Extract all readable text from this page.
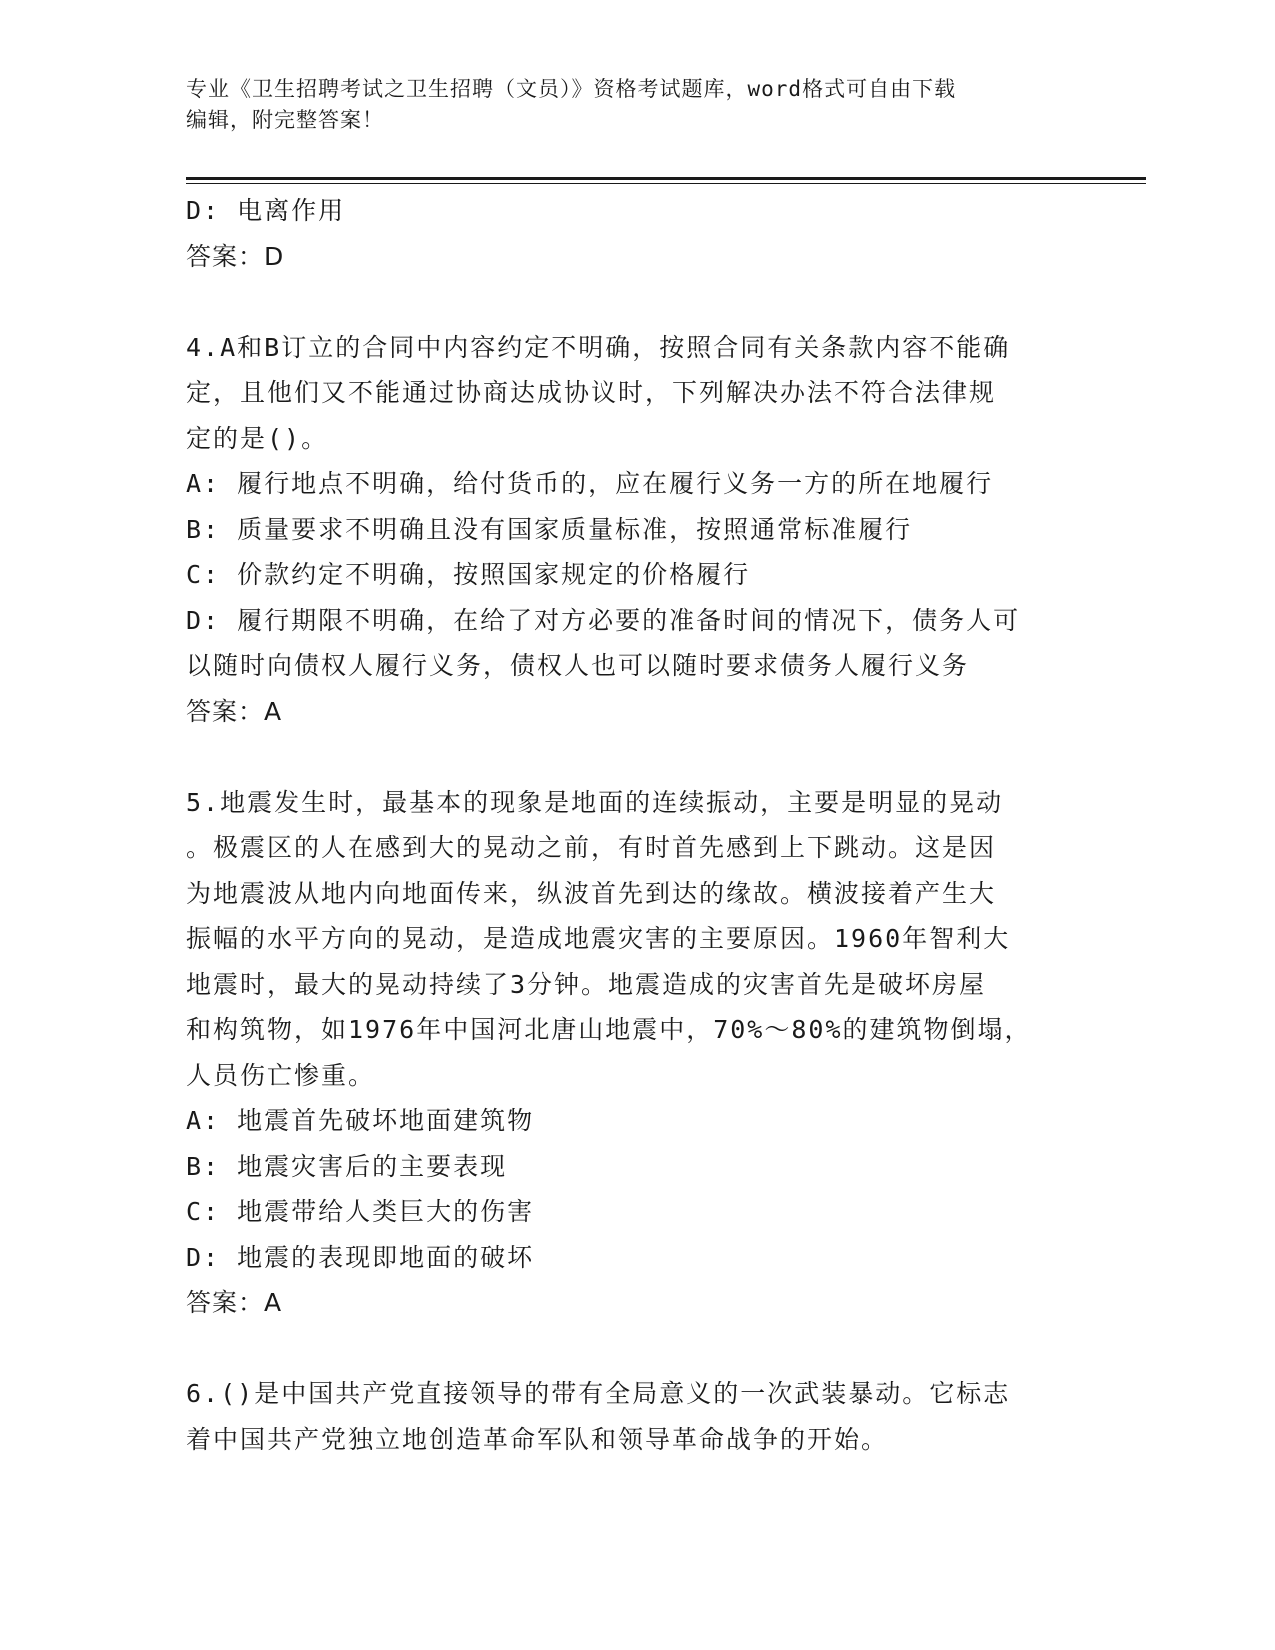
专业《卫生招聘考试之卫生招聘（文员）》资格考试题库，word格式可自由下载
编辑，附完整答案！
D: 电离作用
答案：D
4.A和B订立的合同中内容约定不明确，按照合同有关条款内容不能确
定，且他们又不能通过协商达成协议时，下列解决办法不符合法律规
定的是()。
A: 履行地点不明确，给付货币的，应在履行义务一方的所在地履行
B: 质量要求不明确且没有国家质量标准，按照通常标准履行
C: 价款约定不明确，按照国家规定的价格履行
D: 履行期限不明确，在给了对方必要的准备时间的情况下，债务人可
以随时向债权人履行义务，债权人也可以随时要求债务人履行义务
答案：A
5.地震发生时，最基本的现象是地面的连续振动，主要是明显的晃动
。极震区的人在感到大的晃动之前，有时首先感到上下跳动。这是因
为地震波从地内向地面传来，纵波首先到达的缘故。横波接着产生大
振幅的水平方向的晃动，是造成地震灾害的主要原因。1960年智利大
地震时，最大的晃动持续了3分钟。地震造成的灾害首先是破坏房屋
和构筑物，如1976年中国河北唐山地震中，70%～80%的建筑物倒塌，
人员伤亡惨重。
A: 地震首先破坏地面建筑物
B: 地震灾害后的主要表现
C: 地震带给人类巨大的伤害
D: 地震的表现即地面的破坏
答案：A
6.()是中国共产党直接领导的带有全局意义的一次武装暴动。它标志
着中国共产党独立地创造革命军队和领导革命战争的开始。
